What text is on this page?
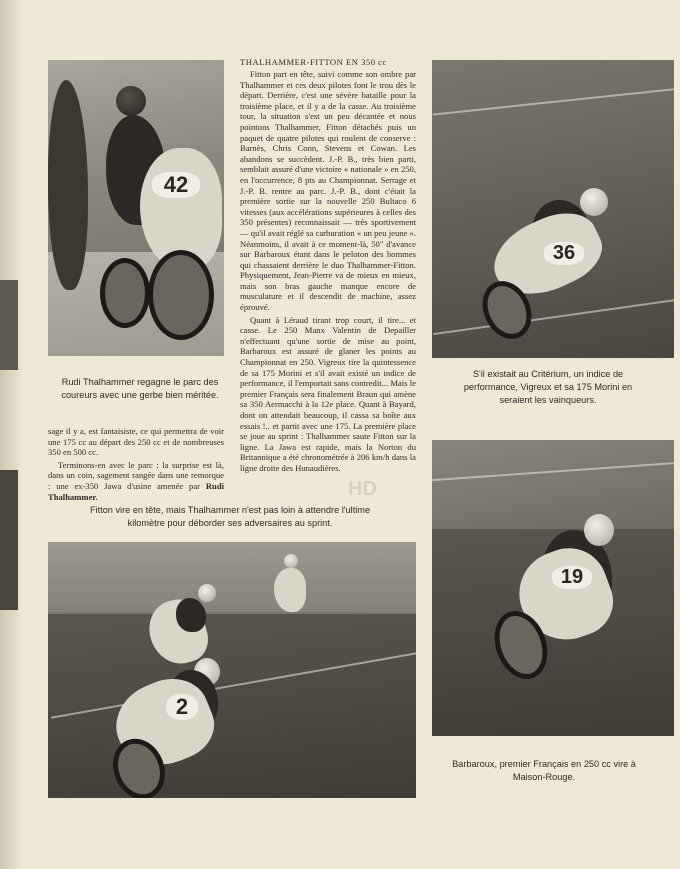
42
THALHAMMER-FITTON EN 350 cc

Fitton part en tête, suivi comme son ombre par Thalhammer et ces deux pilotes font le trou dès le départ. Derrière, c'est une sévère bataille pour la troisième place, et il y a de la casse. Au troisième tour, la situation s'est un peu décantée et nous pointons Thalhammer, Fitton détachés puis un paquet de quatre pilotes qui roulent de conserve : Barnès, Chris Conn, Stevens et Cowan. Les abandons se succèdent. J.-P. B., très bien parti, semblait assuré d'une victoire « nationale » en 250, en l'occurrence, 8 pts au Championnat. Serrage et J.-P. B. rentre au parc. J.-P. B., dont c'était la première sortie sur la nouvelle 250 Bultaco 6 vitesses (aux accélérations supérieures à celles des 350 présentes) reconnaissait — très sportivement — qu'il avait réglé sa carburation « un peu jeune ». Néanmoins, il avait à ce moment-là, 50" d'avance sur Barbaroux étant dans le peloton des hommes qui chassaient derrière le duo Thalhammer-Fitton. Physiquement, Jean-Pierre va de mieux en mieux, mais son bras gauche manque encore de musculature et il descendit de machine, assez éprouvé.

Quant à Léraud tirant trop court, il tire... et casse. Le 250 Manx Valentin de Depailler n'effectuant qu'une sortie de mise au point, Barbaroux est assuré de glaner les points au Championnat en 250. Vigreux tire la quintessence de sa 175 Morini et s'il avait existé un indice de performance, il l'emportait sans contredit... Mais le premier Français sera finalement Braun qui amène sa 350 Aermacchi à la 12e place. Quant à Bayard, dont on attendait beaucoup, il cassa sa boîte aux essais !.. et partit avec une 175. La première place se joue au sprint : Thalhammer saute Fitton sur la ligne. La Jawa est rapide, mais la Norton du Britannique a été chronométrée à 206 km/h dans la ligne droite des Hunaudières.

36
Rudi Thalhammer regagne le parc des coureurs avec une gerbe bien méritée.
S'il existait au Critérium, un indice de performance, Vigreux et sa 175 Morini en seraient les vainqueurs.

sage il y a, est fantaisiste, ce qui permettra de voir une 175 cc au départ des 250 cc et de nombreuses 350 en 500 cc.

Terminons-en avec le parc : la surprise est là, dans un coin, sagement rangée dans une remorque : une ex-350 Jawa d'usine amenée par Rudi Thalhammer.	HD
19
Fitton vire en tête, mais Thalhammer n'est pas loin à attendre l'ultime kilomètre pour déborder ses adversaires au sprint.
2
Barbaroux, premier Français en 250 cc vire à Maison-Rouge.
